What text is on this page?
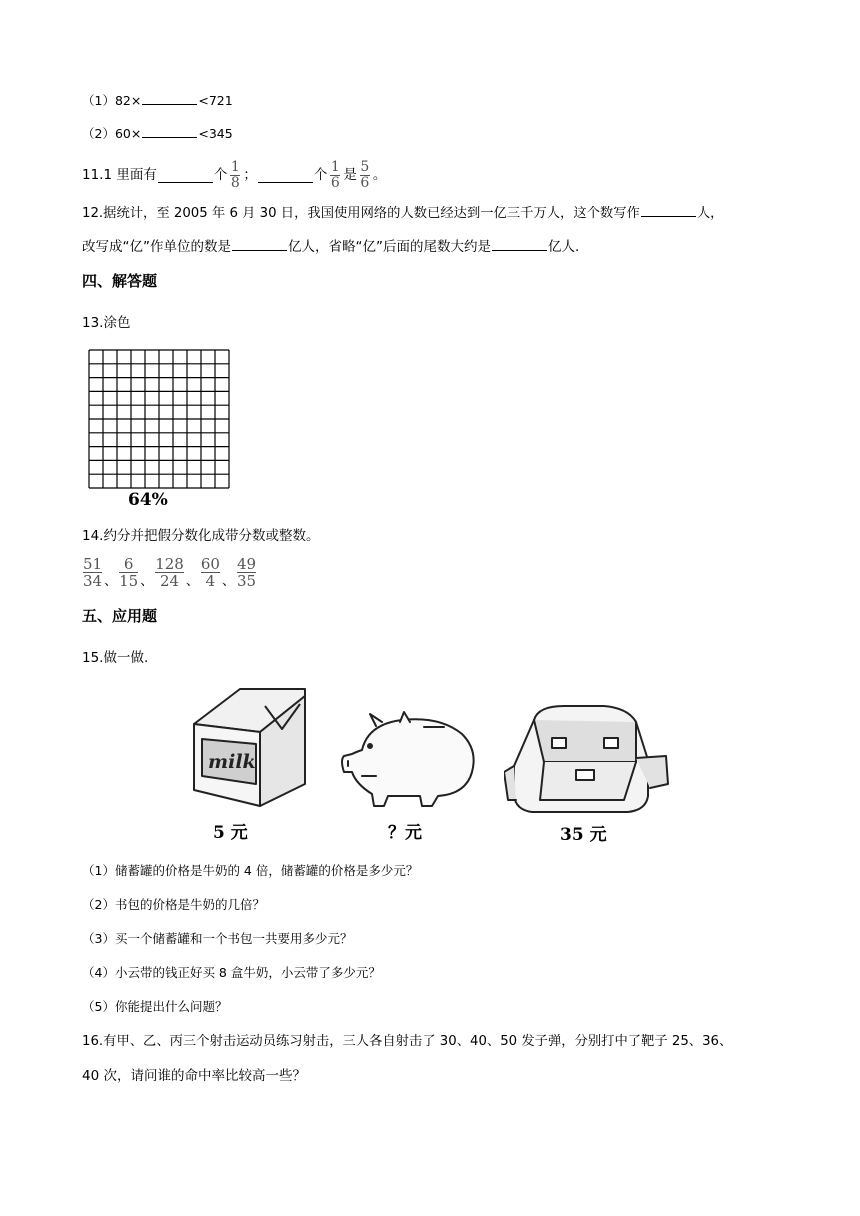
（1）82×	<721
（2）60×	<345
11.1 里面有	个 $\frac{1}{8}$ ；	个 $\frac{1}{6}$ 是 $\frac{5}{6}$ 。
12.据统计，至 2005 年 6 月 30 日，我国使用网络的人数已经达到一亿三千万人，这个数写作	人，
改写成“亿”作单位的数是	亿人，省略“亿”后面的尾数大约是	亿人.
四、解答题
13.涂色
64%
14.约分并把假分数化成带分数或整数。
$\frac{51}{34}$ 、 $\frac{6}{15}$ 、 $\frac{128}{24}$ 、 $\frac{60}{4}$ 、 $\frac{49}{35}$
五、应用题
15.做一做.
milk
5 元	？元	35 元
（1）储蓄罐的价格是牛奶的 4 倍，储蓄罐的价格是多少元？
（2）书包的价格是牛奶的几倍？
（3）买一个储蓄罐和一个书包一共要用多少元？
（4）小云带的钱正好买 8 盒牛奶，小云带了多少元？
（5）你能提出什么问题？
16.有甲、乙、丙三个射击运动员练习射击，三人各自射击了 30、40、50 发子弹，分别打中了靶子 25、36、
40 次，请问谁的命中率比较高一些？
